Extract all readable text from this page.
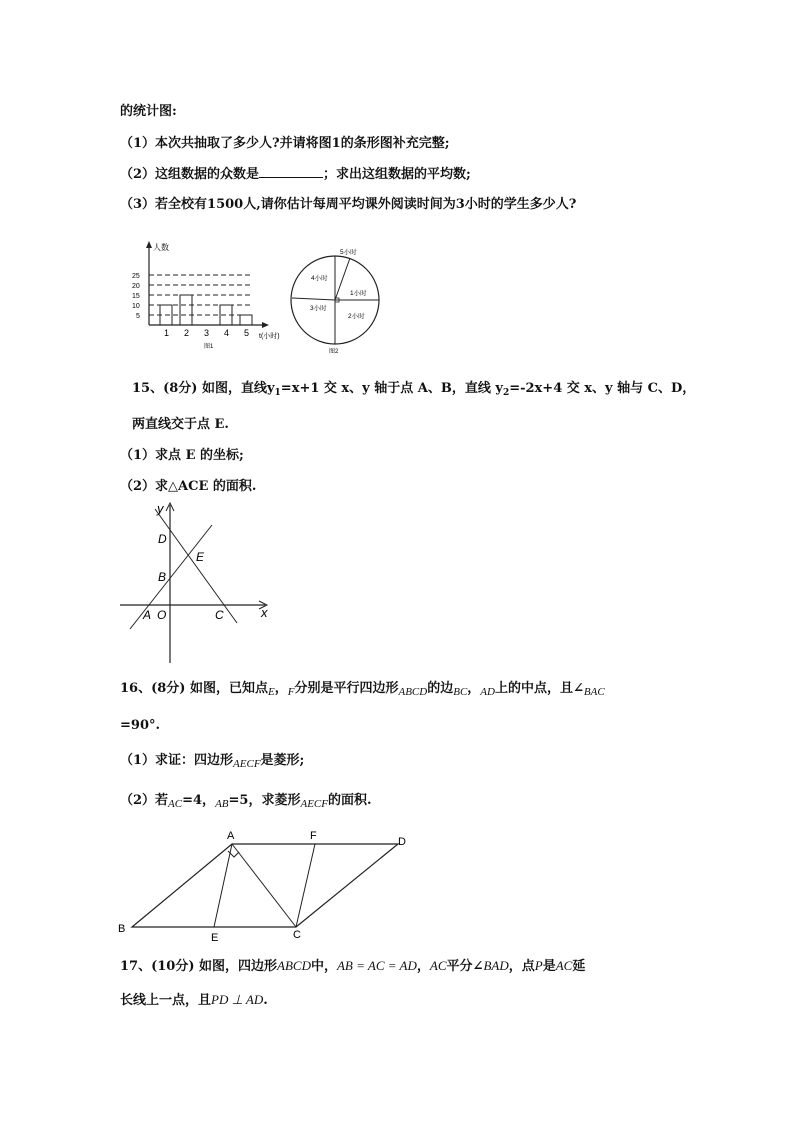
的统计图:
（1）本次共抽取了多少人?并请将图1的条形图补充完整;
（2）这组数据的众数是	；求出这组数据的平均数;
（3）若全校有1500人,请你估计每周平均课外阅读时间为3小时的学生多少人?
人数
25
20
15
10
5
1 2 3 4 5 t(小时)
图1
5小时
4小时
1小时
3小时
2小时
图2
15、(8分) 如图，直线$y_1=x+1$ 交 x、y 轴于点 A、B，直线 $y_2=-2x+4$ 交 x、y 轴与 C、D，
两直线交于点 E.
（1）求点 E 的坐标;
（2）求△ACE 的面积.
y
x
D
E
B
A O	C
16、(8分) 如图，已知点$_E$，$_F$分别是平行四边形$_{ABCD}$的边$_{BC}$，$_{AD}$上的中点，且$\angle_{BAC}$
=90°.
（1）求证：四边形$_{AECF}$是菱形;
（2）若$_{AC}$=4，$_{AB}$=5，求菱形$_{AECF}$的面积.
A	F	D
B
E	C
17、(10分) 如图，四边形ABCD中，AB = AC = AD，AC平分∠BAD，点P是AC延
长线上一点，且PD ⊥ AD.
